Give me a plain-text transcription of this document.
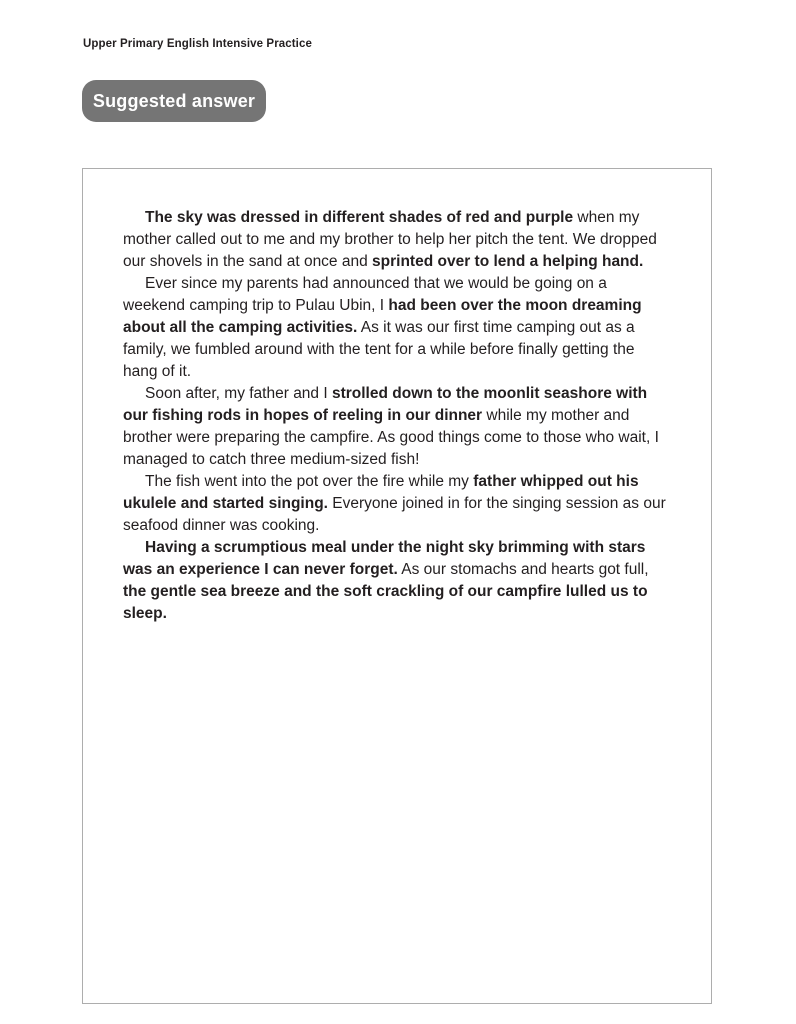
Upper Primary English Intensive Practice
Suggested answer

The sky was dressed in different shades of red and purple when my mother called out to me and my brother to help her pitch the tent. We dropped our shovels in the sand at once and sprinted over to lend a helping hand.

Ever since my parents had announced that we would be going on a weekend camping trip to Pulau Ubin, I had been over the moon dreaming about all the camping activities. As it was our first time camping out as a family, we fumbled around with the tent for a while before finally getting the hang of it.

Soon after, my father and I strolled down to the moonlit seashore with our fishing rods in hopes of reeling in our dinner while my mother and brother were preparing the campfire. As good things come to those who wait, I managed to catch three medium-sized fish!

The fish went into the pot over the fire while my father whipped out his ukulele and started singing. Everyone joined in for the singing session as our seafood dinner was cooking.

Having a scrumptious meal under the night sky brimming with stars was an experience I can never forget. As our stomachs and hearts got full, the gentle sea breeze and the soft crackling of our campfire lulled us to sleep.
